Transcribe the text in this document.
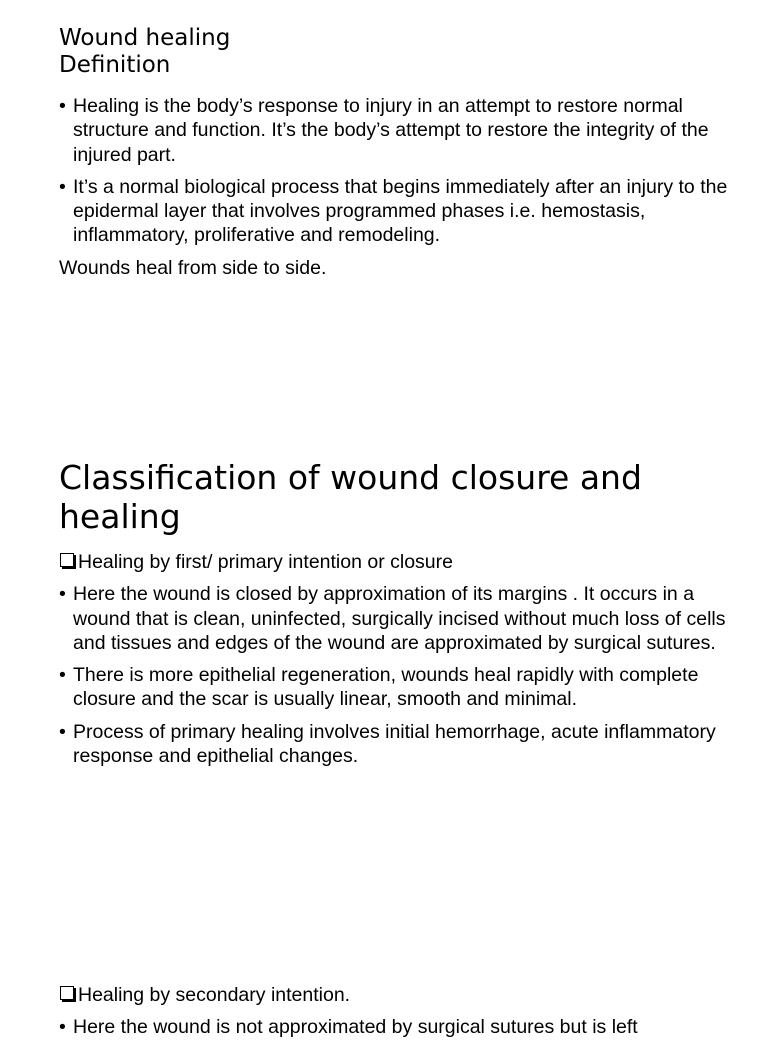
Wound healing
Definition

• Healing is the body’s response to injury in an attempt to restore normal structure and function. It’s the body’s attempt to restore the integrity of the injured part.

• It’s a normal biological process that begins immediately after an injury to the epidermal layer that involves programmed phases i.e. hemostasis, inflammatory, proliferative and remodeling.

Wounds heal from side to side.

Classification of wound closure and healing

Healing by first/ primary intention or closure

• Here the wound is closed by approximation of its margins . It occurs in a wound that is clean, uninfected, surgically incised without much loss of cells and tissues and edges of the wound are approximated by surgical sutures.

• There is more epithelial regeneration, wounds heal rapidly with complete closure and the scar is usually linear, smooth and minimal.

• Process of primary healing involves initial hemorrhage, acute inflammatory response and epithelial changes.

Healing by secondary intention.

• Here the wound is not approximated by surgical sutures but is left
